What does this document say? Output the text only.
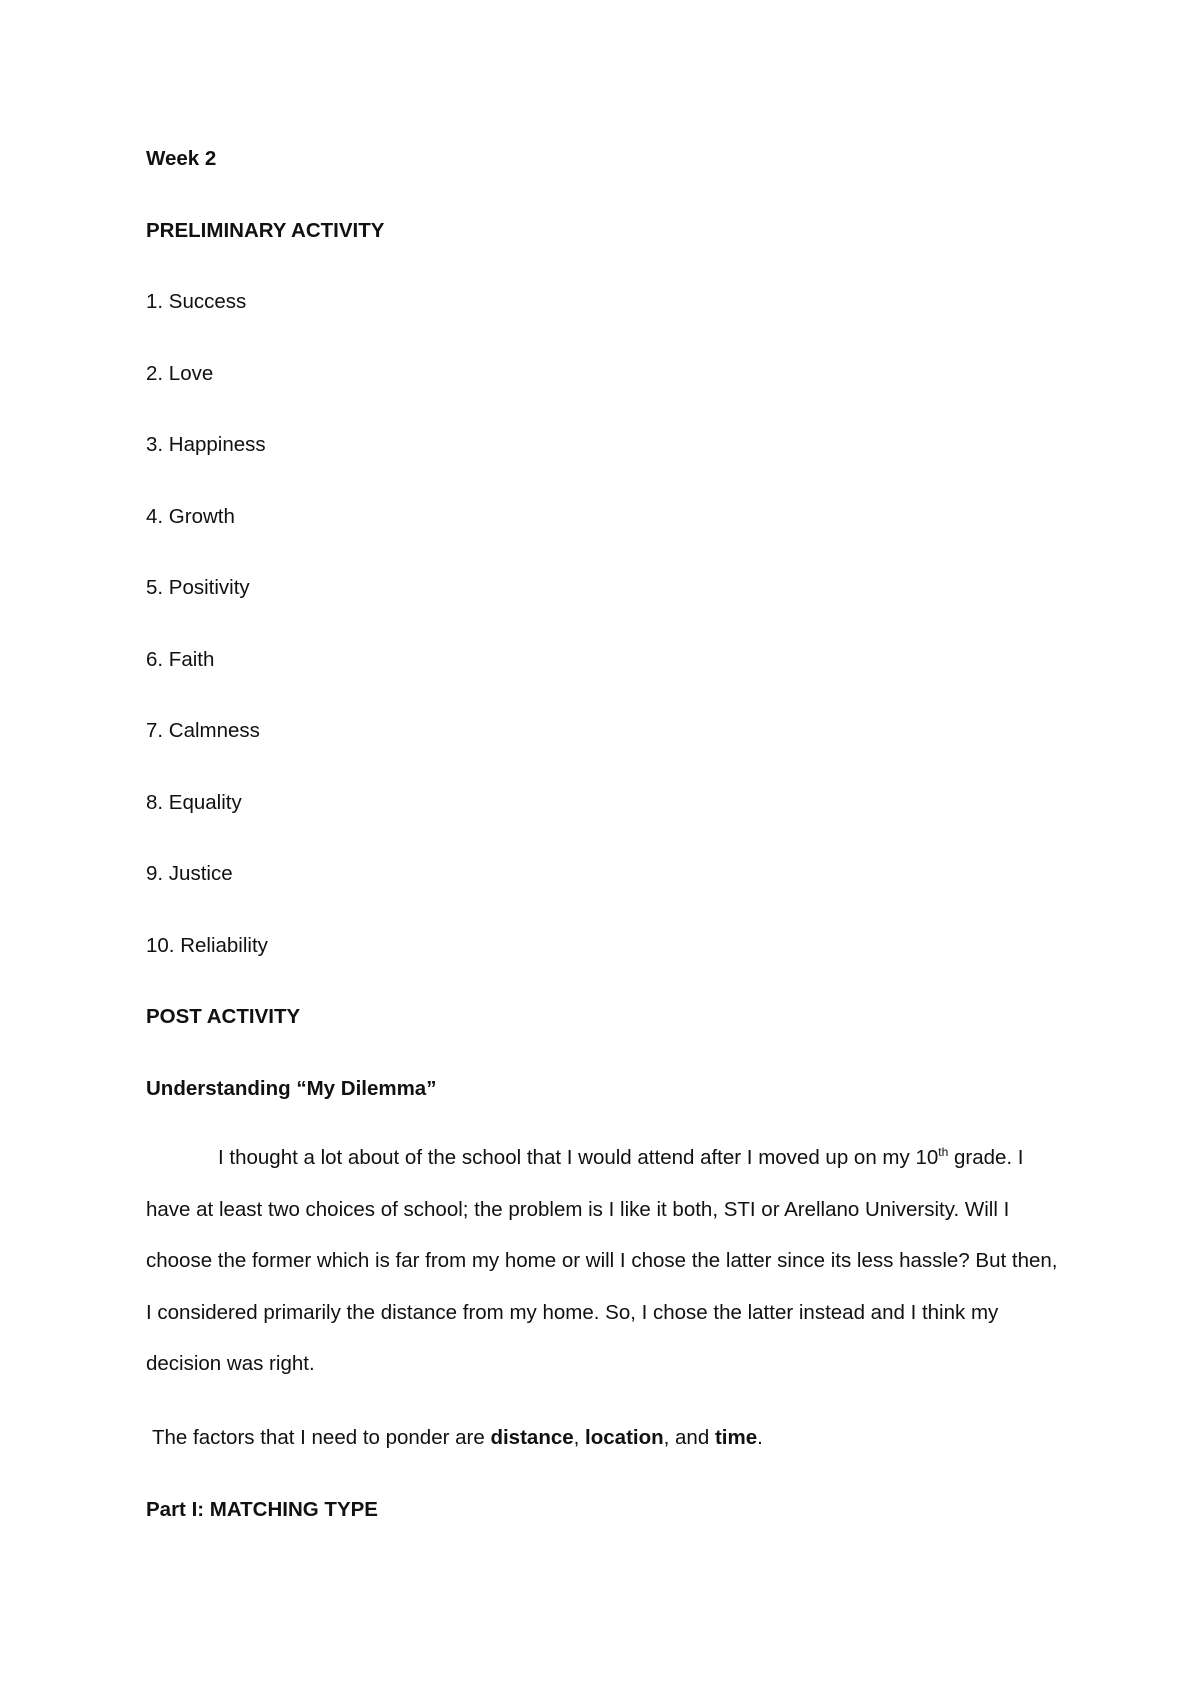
Week 2
PRELIMINARY ACTIVITY
1. Success
2. Love
3. Happiness
4. Growth
5. Positivity
6. Faith
7. Calmness
8. Equality
9. Justice
10. Reliability
POST ACTIVITY
Understanding “My Dilemma”

I thought a lot about of the school that I would attend after I moved up on my 10th grade. I have at least two choices of school; the problem is I like it both, STI or Arellano University. Will I choose the former which is far from my home or will I chose the latter since its less hassle? But then, I considered primarily the distance from my home. So, I chose the latter instead and I think my decision was right.

The factors that I need to ponder are distance, location, and time.
Part I: MATCHING TYPE
